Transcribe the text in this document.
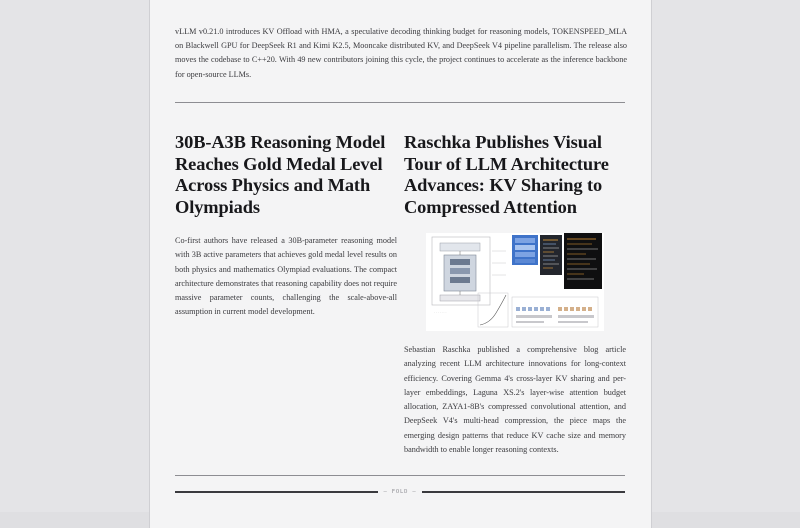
vLLM v0.21.0 introduces KV Offload with HMA, a speculative decoding thinking budget for reasoning models, TOKENSPEED_MLA on Blackwell GPU for DeepSeek R1 and Kimi K2.5, Mooncake distributed KV, and DeepSeek V4 pipeline parallelism. The release also moves the codebase to C++20. With 49 new contributors joining this cycle, the project continues to accelerate as the inference backbone for open-source LLMs.

30B-A3B Reasoning Model Reaches Gold Medal Level Across Physics and Math Olympiads

Co-first authors have released a 30B-parameter reasoning model with 3B active parameters that achieves gold medal level results on both physics and mathematics Olympiad evaluations. The compact architecture demonstrates that reasoning capability does not require massive parameter counts, challenging the scale-above-all assumption in current model development.

Raschka Publishes Visual Tour of LLM Architecture Advances: KV Sharing to Compressed Attention
· · · · · · ·

Sebastian Raschka published a comprehensive blog article analyzing recent LLM architecture innovations for long-context efficiency. Covering Gemma 4's cross-layer KV sharing and per-layer embeddings, Laguna XS.2's layer-wise attention budget allocation, ZAYA1-8B's compressed convolutional attention, and DeepSeek V4's multi-head compression, the piece maps the emerging design patterns that reduce KV cache size and memory bandwidth to enable longer reasoning contexts.

— FOLD —
